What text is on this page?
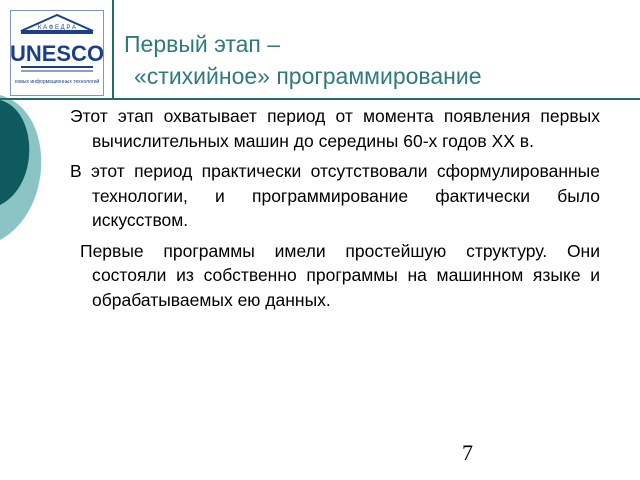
К А Ф Е Д Р А
UNESCO
новых информационных технологий
Первый этап –
«стихийное» программирование

Этот этап охватывает период от момента появления первых вычислительных машин до середины 60-х годов XX в.

В этот период практически отсутствовали сформулированные технологии, и программирование фактически было искусством.

Первые программы имели простейшую структуру. Они состояли из собственно программы на машинном языке и обрабатываемых ею данных.

7
